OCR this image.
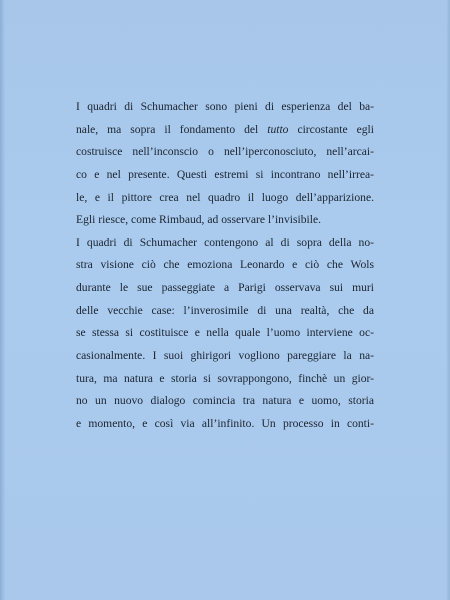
I quadri di Schumacher sono pieni di esperienza del ba-
nale, ma sopra il fondamento del tutto circostante egli
costruisce nell’inconscio o nell’iperconosciuto, nell’arcai-
co e nel presente. Questi estremi si incontrano nell’irrea-
le, e il pittore crea nel quadro il luogo dell’apparizione.
Egli riesce, come Rimbaud, ad osservare l’invisibile.
I quadri di Schumacher contengono al di sopra della no-
stra visione ciò che emoziona Leonardo e ciò che Wols
durante le sue passeggiate a Parigi osservava sui muri
delle vecchie case: l’inverosimile di una realtà, che da
se stessa si costituisce e nella quale l’uomo interviene oc-
casionalmente. I suoi ghirigori vogliono pareggiare la na-
tura, ma natura e storia si sovrappongono, finchè un gior-
no un nuovo dialogo comincia tra natura e uomo, storia
e momento, e così via all’infinito. Un processo in conti-
